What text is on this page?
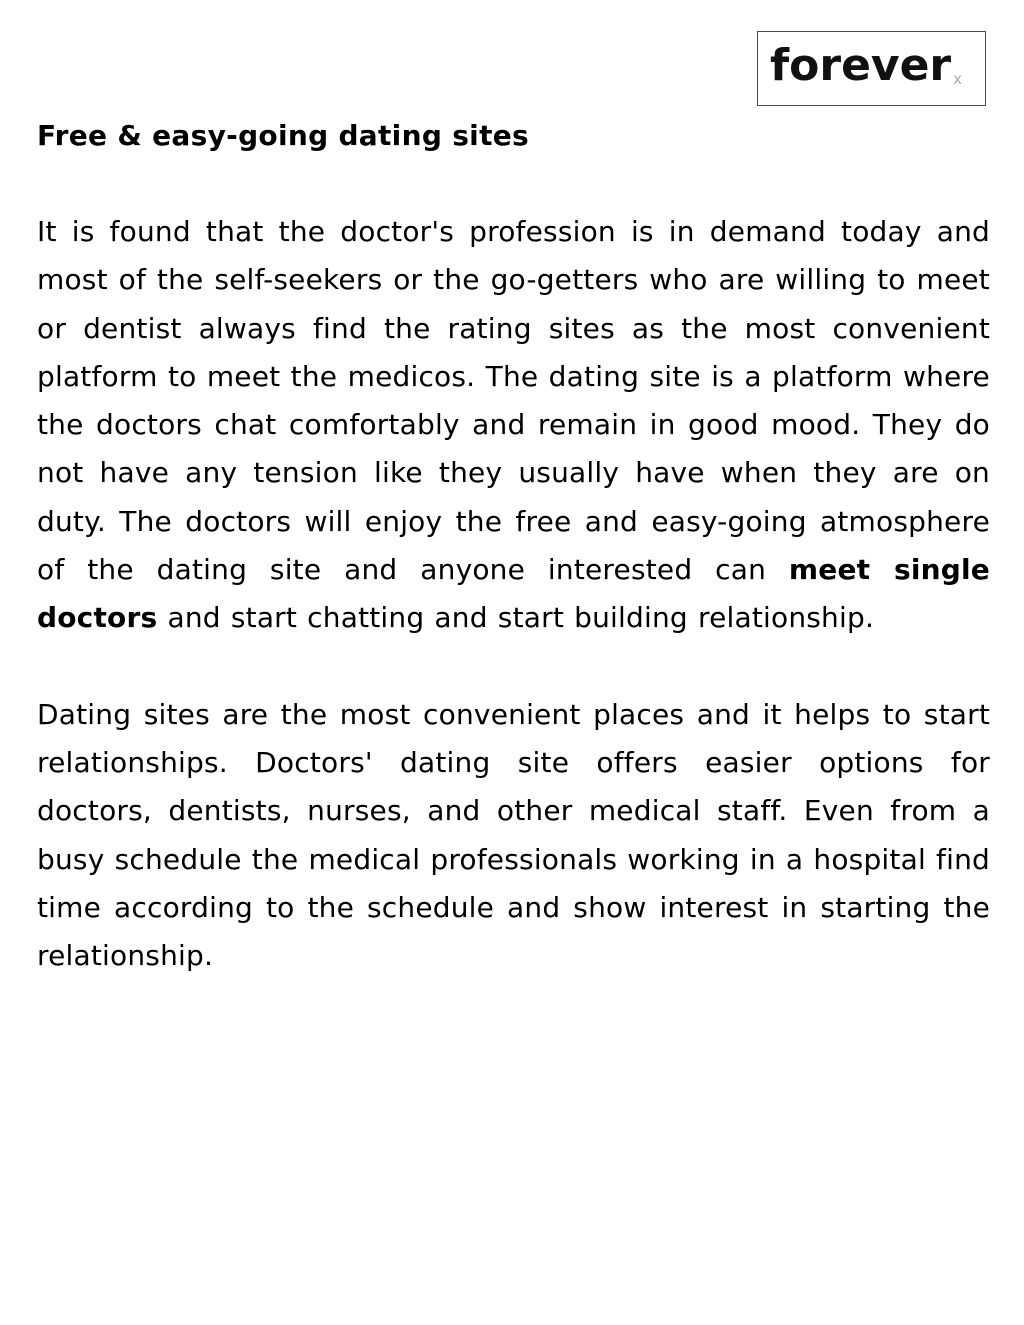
forever x
Free & easy-going dating sites

It is found that the doctor's profession is in demand today and most of the self-seekers or the go-getters who are willing to meet or dentist always find the rating sites as the most convenient platform to meet the medicos. The dating site is a platform where the doctors chat comfortably and remain in good mood. They do not have any tension like they usually have when they are on duty. The doctors will enjoy the free and easy-going atmosphere of the dating site and anyone interested can meet single doctors and start chatting and start building relationship.

Dating sites are the most convenient places and it helps to start relationships. Doctors' dating site offers easier options for doctors, dentists, nurses, and other medical staff. Even from a busy schedule the medical professionals working in a hospital find time according to the schedule and show interest in starting the relationship.
